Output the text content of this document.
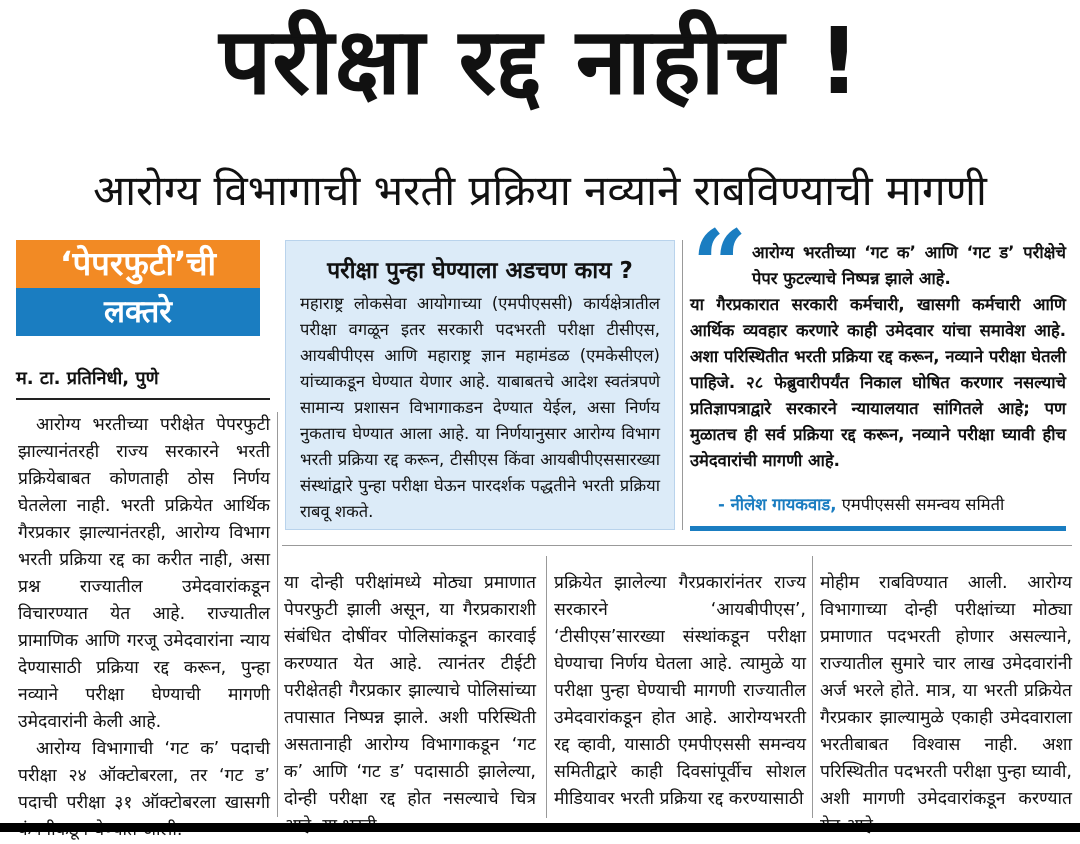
परीक्षा रद्द नाहीच !
आरोग्य विभागाची भरती प्रक्रिया नव्याने राबविण्याची मागणी
‘पेपरफुटी’ची
लक्तरे
म. टा. प्रतिनिधी, पुणे

आरोग्य भरतीच्या परीक्षेत पेपरफुटी झाल्यानंतरही राज्य सरकारने भरती प्रक्रियेबाबत कोणताही ठोस निर्णय घेतलेला नाही. भरती प्रक्रियेत आर्थिक गैरप्रकार झाल्यानंतरही, आरोग्य विभाग भरती प्रक्रिया रद्द का करीत नाही, असा प्रश्न राज्यातील उमेदवारांकडून विचारण्यात येत आहे. राज्यातील प्रामाणिक आणि गरजू उमेदवारांना न्याय देण्यासाठी प्रक्रिया रद्द करून, पुन्हा नव्याने परीक्षा घेण्याची मागणी उमेदवारांनी केली आहे.

आरोग्य विभागाची ‘गट क’ पदाची परीक्षा २४ ऑक्टोबरला, तर ‘गट ड’ पदाची परीक्षा ३१ ऑक्टोबरला खासगी

परीक्षा पुन्हा घेण्याला अडचण काय ?

महाराष्ट्र लोकसेवा आयोगाच्या (एमपीएससी) कार्यक्षेत्रातील परीक्षा वगळून इतर सरकारी पदभरती परीक्षा टीसीएस, आयबीपीएस आणि महाराष्ट्र ज्ञान महामंडळ (एमकेसीएल) यांच्याकडून घेण्यात येणार आहे. याबाबतचे आदेश स्वतंत्रपणे सामान्य प्रशासन विभागाकडन देण्यात येईल, असा निर्णय नुकताच घेण्यात आला आहे. या निर्णयानुसार आरोग्य विभाग भरती प्रक्रिया रद्द करून, टीसीएस किंवा आयबीपीएससारख्या संस्थांद्वारे पुन्हा परीक्षा घेऊन पारदर्शक पद्धतीने भरती प्रक्रिया राबवू शकते.

“ आरोग्य भरतीच्या ‘गट क’ आणि ‘गट ड’ परीक्षेचे पेपर फुटल्याचे निष्पन्न झाले आहे.
या गैरप्रकारात सरकारी कर्मचारी, खासगी कर्मचारी आणि आर्थिक व्यवहार करणारे काही उमेदवार यांचा समावेश आहे. अशा परिस्थितीत भरती प्रक्रिया रद्द करून, नव्याने परीक्षा घेतली पाहिजे. २८ फेब्रुवारीपर्यंत निकाल घोषित करणार नसल्याचे प्रतिज्ञापत्राद्वारे सरकारने न्यायालयात सांगितले आहे; पण मुळातच ही सर्व प्रक्रिया रद्द करून, नव्याने परीक्षा घ्यावी हीच उमेदवारांची मागणी आहे.
- नीलेश गायकवाड, एमपीएससी समन्वय समिती

या दोन्ही परीक्षांमध्ये मोठ्या प्रमाणात पेपरफुटी झाली असून, या गैरप्रकाराशी संबंधित दोषींवर पोलिसांकडून कारवाई करण्यात येत आहे. त्यानंतर टीईटी परीक्षेतही गैरप्रकार झाल्याचे पोलिसांच्या तपासात निष्पन्न झाले. अशी परिस्थिती असतानाही आरोग्य विभागाकडून ‘गट क’ आणि ‘गट ड’ पदासाठी झालेल्या, दोन्ही परीक्षा रद्द होत नसल्याचे चित्र

प्रक्रियेत झालेल्या गैरप्रकारांनंतर राज्य सरकारने ‘आयबीपीएस’, ‘टीसीएस’सारख्या संस्थांकडून परीक्षा घेण्याचा निर्णय घेतला आहे. त्यामुळे या परीक्षा पुन्हा घेण्याची मागणी राज्यातील उमेदवारांकडून होत आहे. आरोग्यभरती रद्द व्हावी, यासाठी एमपीएससी समन्वय समितीद्वारे काही दिवसांपूर्वीच सोशल मीडियावर भरती प्रक्रिया रद्द करण्यासाठी

मोहीम राबविण्यात आली. आरोग्य विभागाच्या दोन्ही परीक्षांच्या मोठ्या प्रमाणात पदभरती होणार असल्याने, राज्यातील सुमारे चार लाख उमेदवारांनी अर्ज भरले होते. मात्र, या भरती प्रक्रियेत गैरप्रकार झाल्यामुळे एकाही उमेदवाराला भरतीबाबत विश्वास नाही. अशा परिस्थितीत पदभरती परीक्षा पुन्हा घ्यावी, अशी मागणी उमेदवारांकडून करण्यात
